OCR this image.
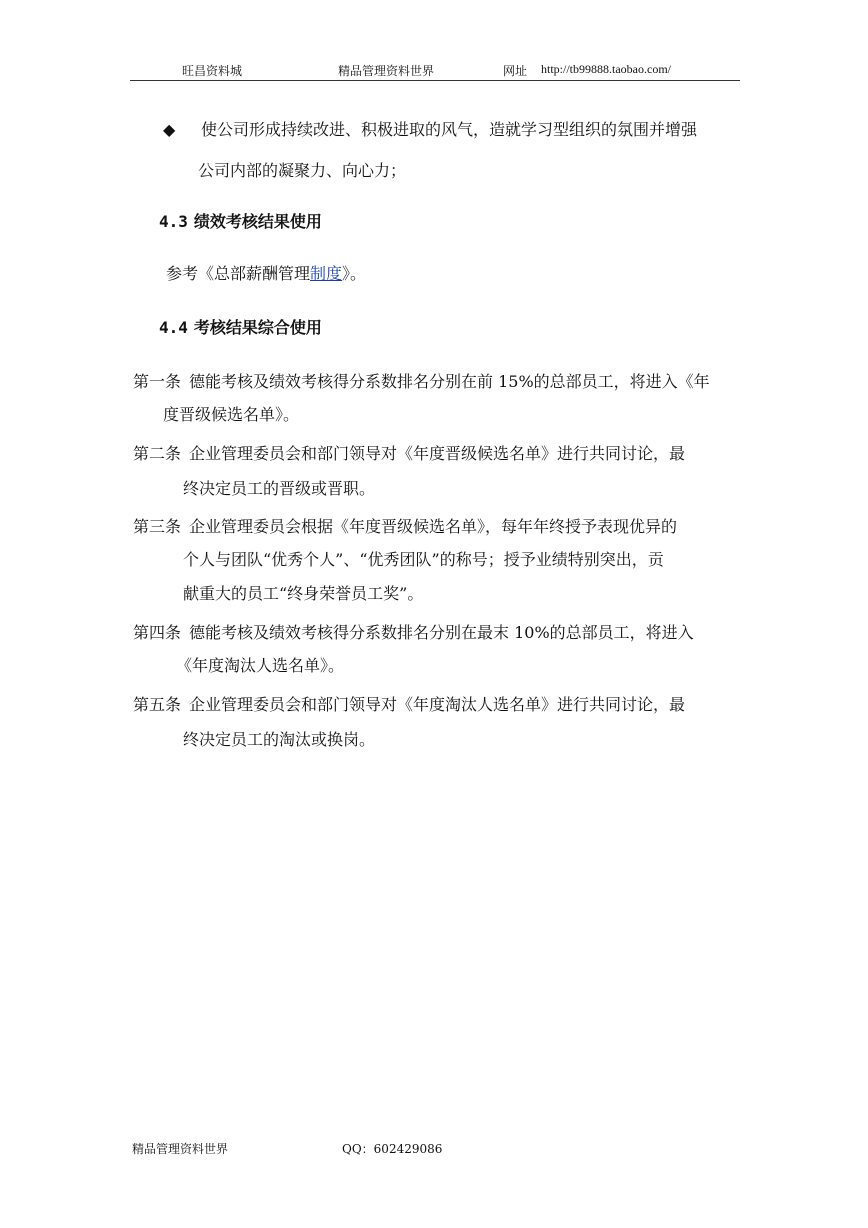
旺昌资料城	精品管理资料世界	网址 http://tb99888.taobao.com/
◆ 使公司形成持续改进、积极进取的风气，造就学习型组织的氛围并增强
公司内部的凝聚力、向心力；
4.3 绩效考核结果使用
参考《总部薪酬管理制度》。
4.4 考核结果综合使用
第一条 德能考核及绩效考核得分系数排名分别在前 15%的总部员工，将进入《年
度晋级候选名单》。
第二条 企业管理委员会和部门领导对《年度晋级候选名单》进行共同讨论，最
终决定员工的晋级或晋职。
第三条 企业管理委员会根据《年度晋级候选名单》，每年年终授予表现优异的
个人与团队“优秀个人”、“优秀团队”的称号；授予业绩特别突出，贡
献重大的员工“终身荣誉员工奖”。
第四条 德能考核及绩效考核得分系数排名分别在最末 10%的总部员工，将进入
《年度淘汰人选名单》。
第五条 企业管理委员会和部门领导对《年度淘汰人选名单》进行共同讨论，最
终决定员工的淘汰或换岗。
精品管理资料世界	QQ：602429086
